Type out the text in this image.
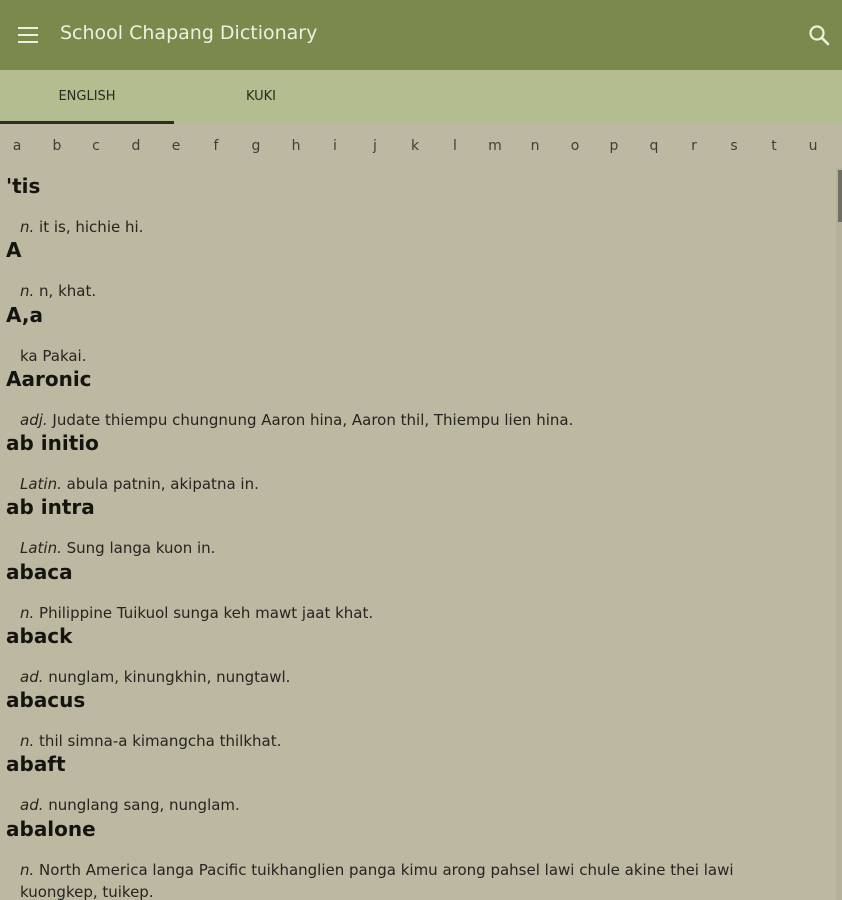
School Chapang Dictionary
ENGLISH	KUKI
a	b	c	d	e	f	g	h	i	j	k	l	m	n	o	p	q	r	s	t	u
'tis
n. it is, hichie hi.
A
n. n, khat.
A,a
ka Pakai.
Aaronic
adj. Judate thiempu chungnung Aaron hina, Aaron thil, Thiempu lien hina.
ab initio
Latin. abula patnin, akipatna in.
ab intra
Latin. Sung langa kuon in.
abaca
n. Philippine Tuikuol sunga keh mawt jaat khat.
aback
ad. nunglam, kinungkhin, nungtawl.
abacus
n. thil simna-a kimangcha thilkhat.
abaft
ad. nunglang sang, nunglam.
abalone
n. North America langa Pacific tuikhanglien panga kimu arong pahsel lawi chule akine thei lawi kuongkep, tuikep.
